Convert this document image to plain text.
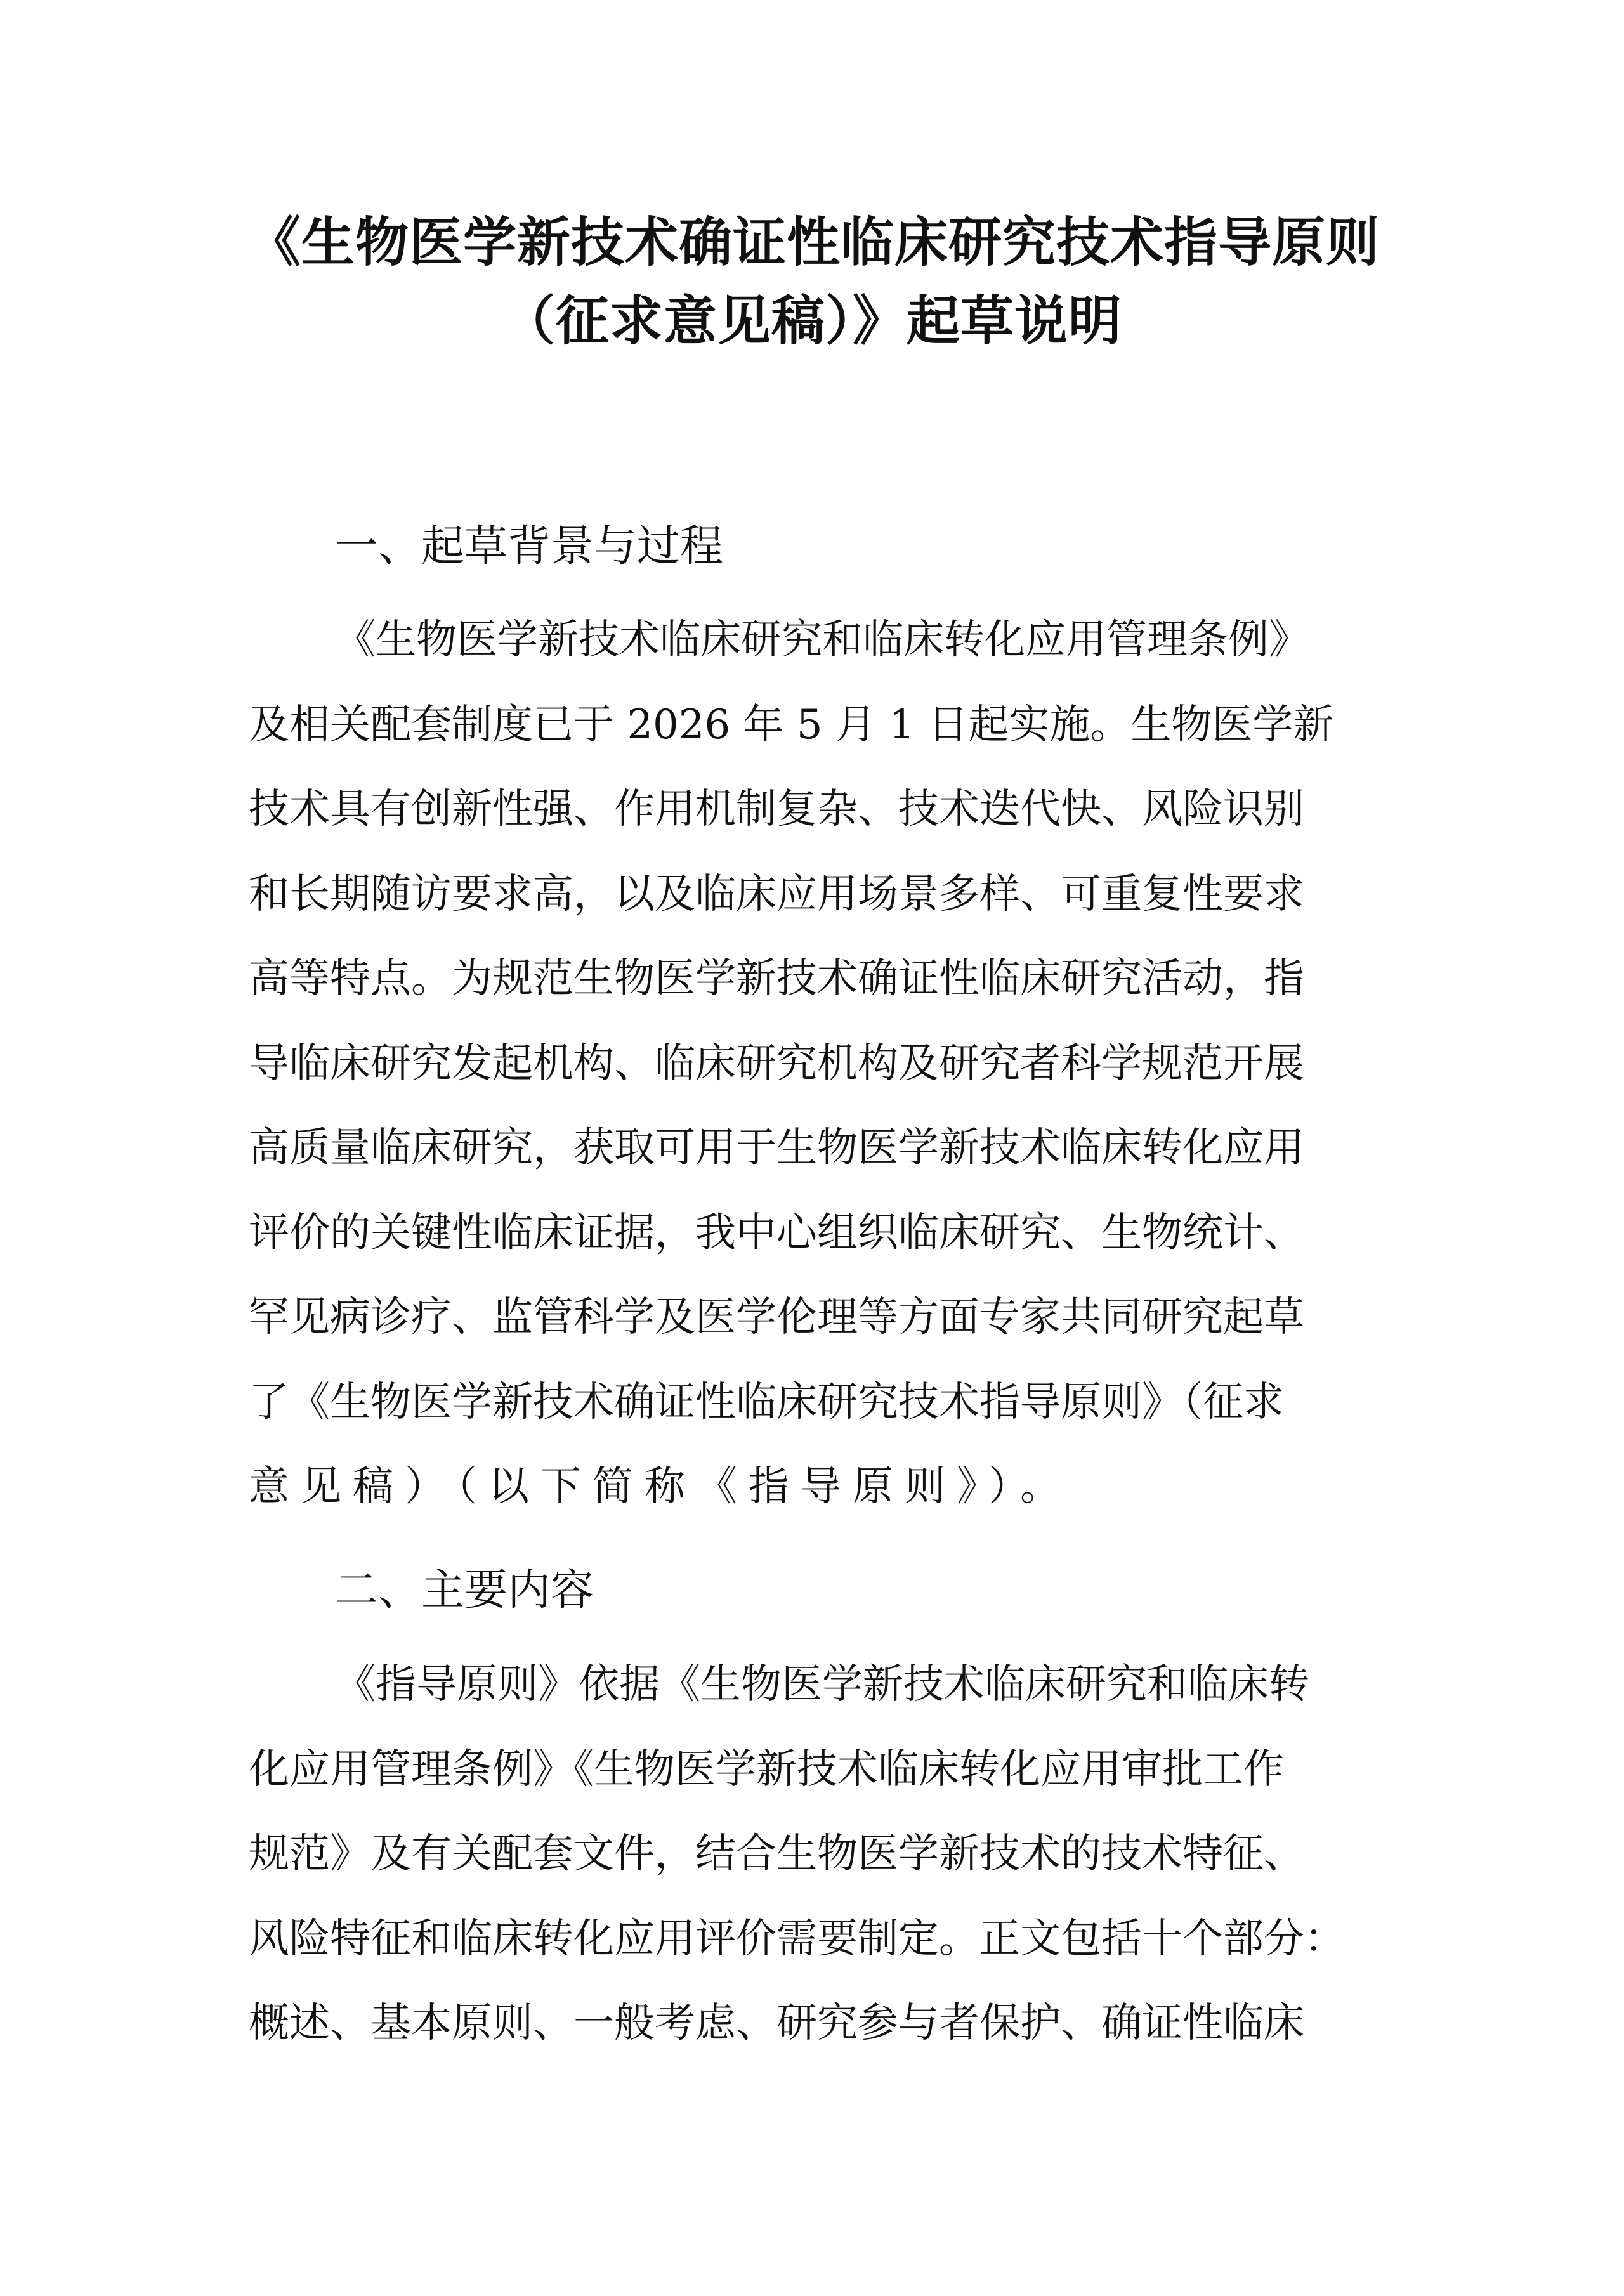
《生物医学新技术确证性临床研究技术指导原则
（征求意见稿）》起草说明
一、起草背景与过程
《生物医学新技术临床研究和临床转化应用管理条例》
及相关配套制度已于 2026 年 5 月 1 日起实施。生物医学新
技术具有创新性强、作用机制复杂、技术迭代快、风险识别
和长期随访要求高，以及临床应用场景多样、可重复性要求
高等特点。为规范生物医学新技术确证性临床研究活动，指
导临床研究发起机构、临床研究机构及研究者科学规范开展
高质量临床研究，获取可用于生物医学新技术临床转化应用
评价的关键性临床证据，我中心组织临床研究、生物统计、
罕见病诊疗、监管科学及医学伦理等方面专家共同研究起草
了《生物医学新技术确证性临床研究技术指导原则》（征求
意见稿）（以下简称《指导原则》）。
二、主要内容
《指导原则》依据《生物医学新技术临床研究和临床转
化应用管理条例》《生物医学新技术临床转化应用审批工作
规范》及有关配套文件，结合生物医学新技术的技术特征、
风险特征和临床转化应用评价需要制定。正文包括十个部分：
概述、基本原则、一般考虑、研究参与者保护、确证性临床
